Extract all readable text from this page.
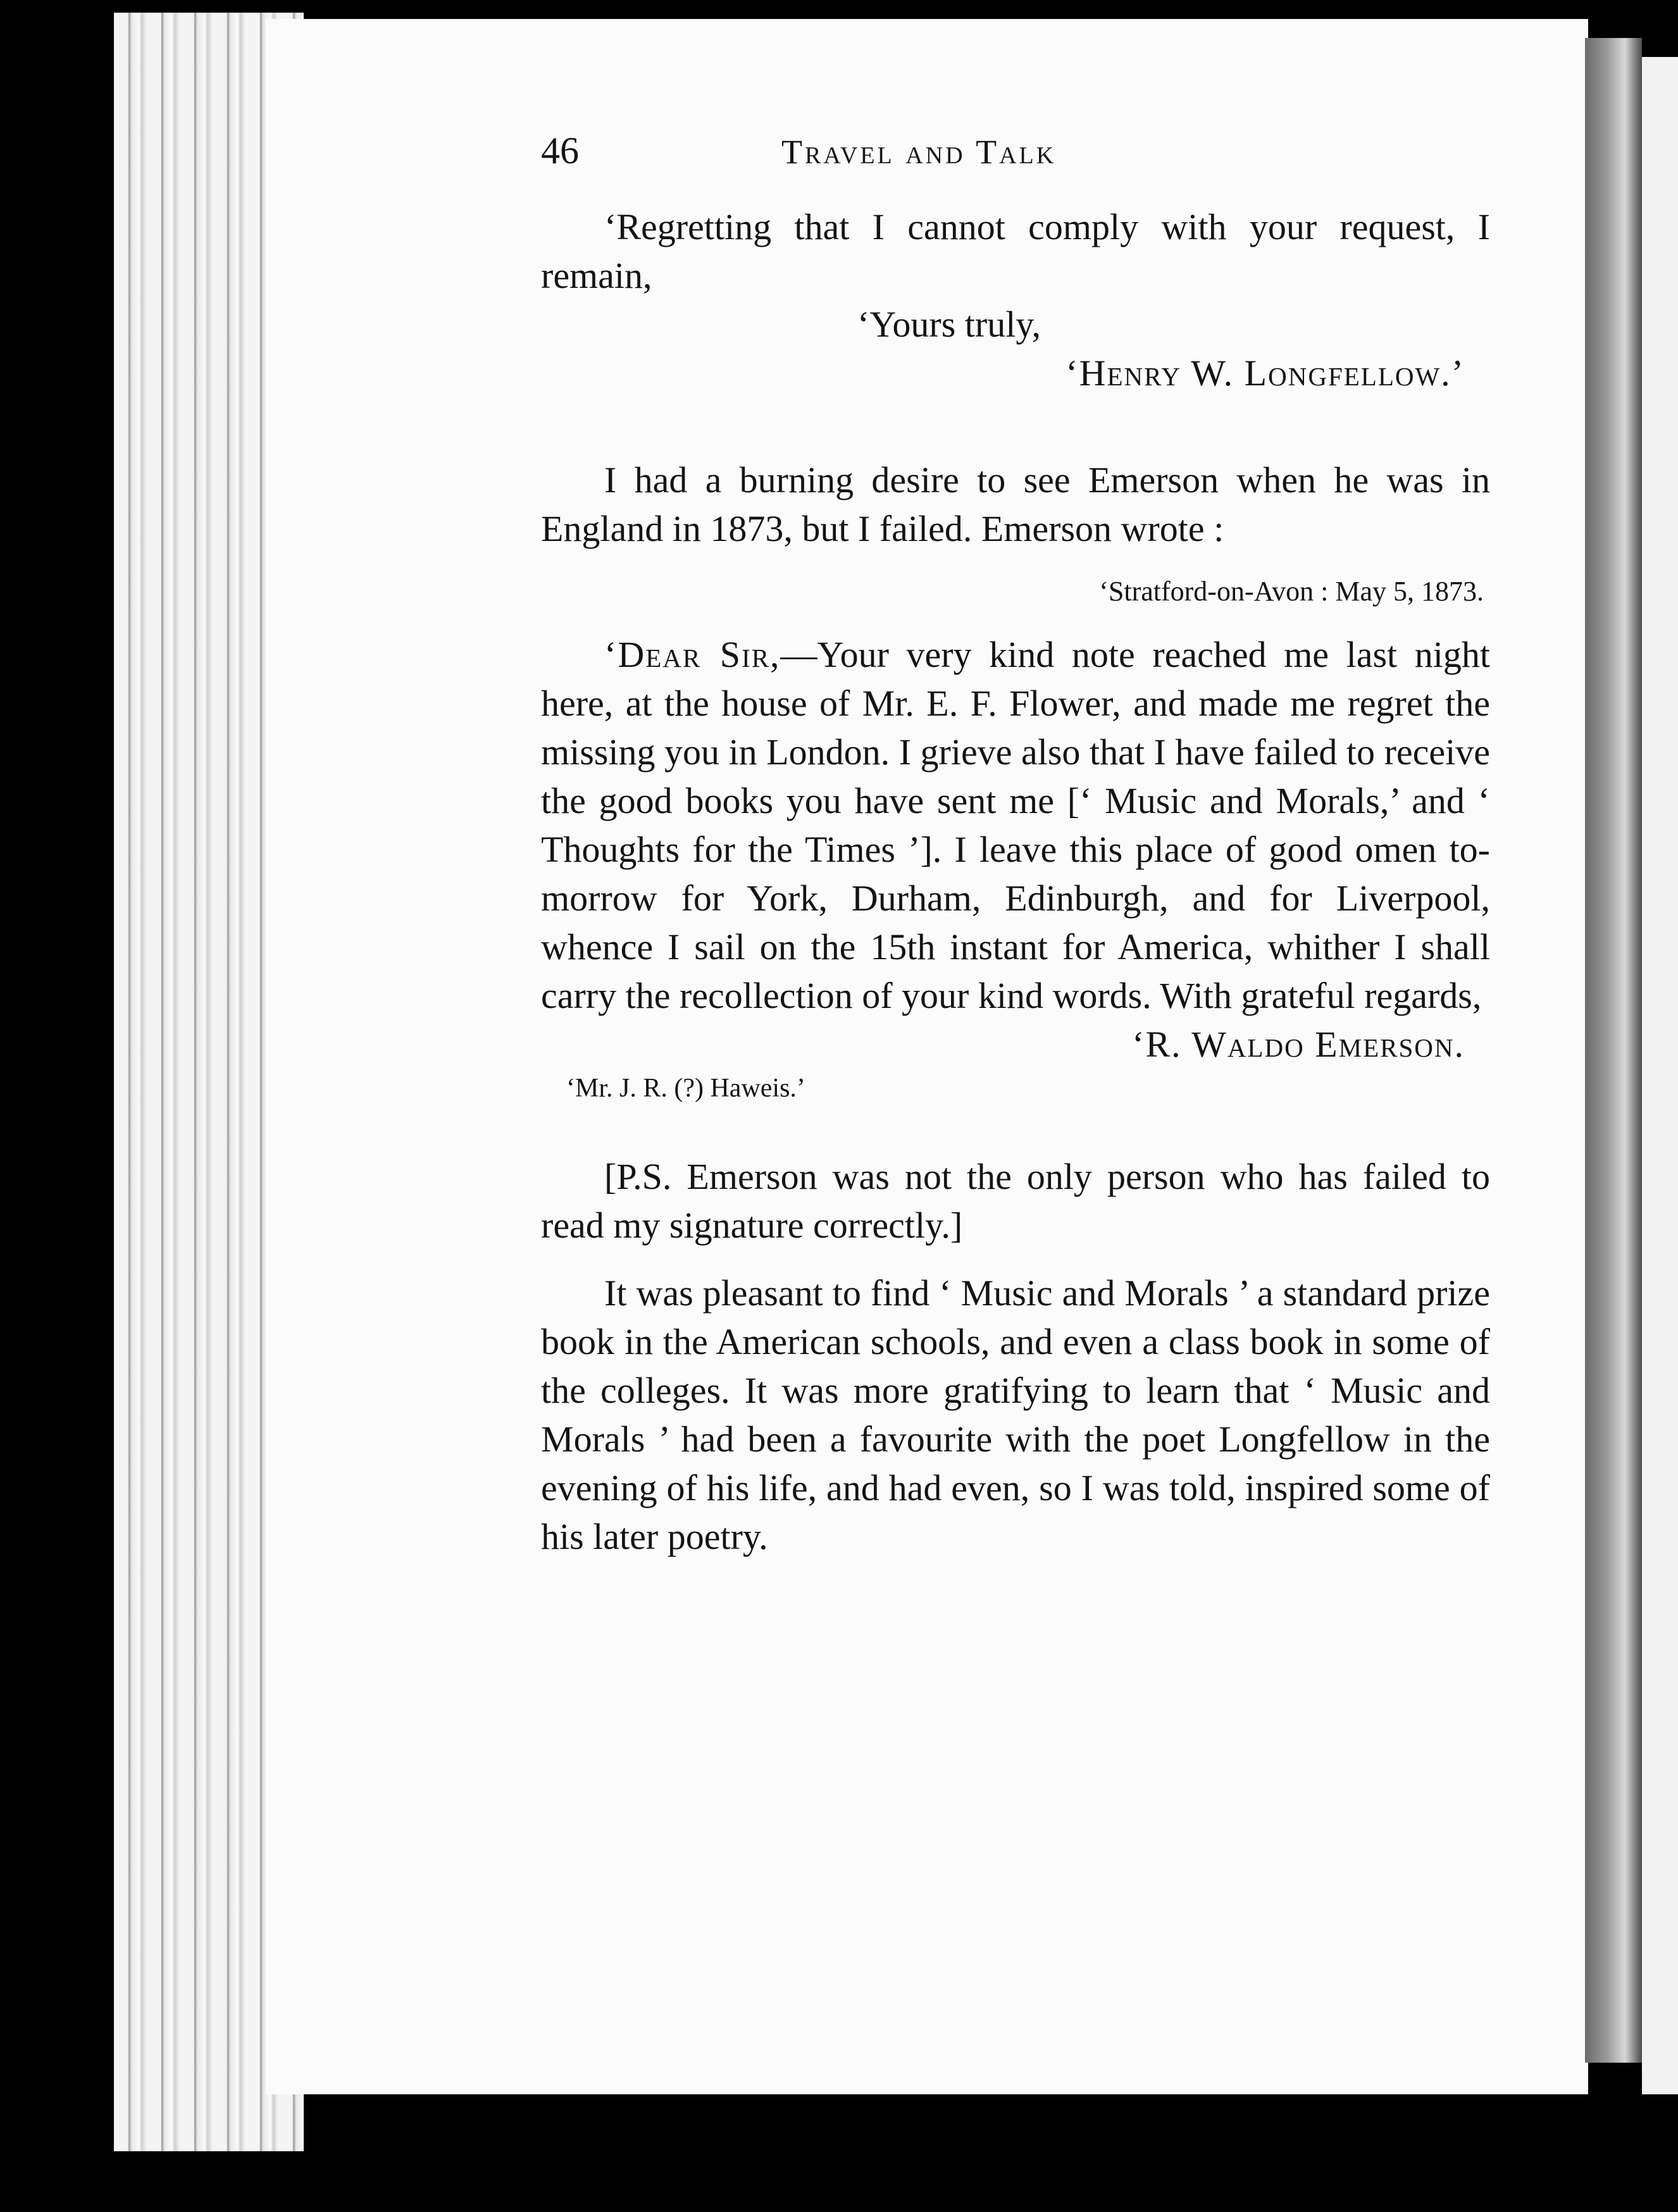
46	Travel and Talk

‘Regretting that I cannot comply with your request, I remain,

‘Yours truly,

‘Henry W. Longfellow.’

I had a burning desire to see Emerson when he was in England in 1873, but I failed. Emerson wrote :

‘Stratford-on-Avon : May 5, 1873.

‘Dear Sir,—Your very kind note reached me last night here, at the house of Mr. E. F. Flower, and made me regret the missing you in London. I grieve also that I have failed to receive the good books you have sent me [‘ Music and Morals,’ and ‘ Thoughts for the Times ’]. I leave this place of good omen to-morrow for York, Durham, Edinburgh, and for Liverpool, whence I sail on the 15th instant for America, whither I shall carry the recollection of your kind words. With grateful regards,

‘R. Waldo Emerson.

‘Mr. J. R. (?) Haweis.’

[P.S. Emerson was not the only person who has failed to read my signature correctly.]

It was pleasant to find ‘ Music and Morals ’ a standard prize book in the American schools, and even a class book in some of the colleges. It was more gratifying to learn that ‘ Music and Morals ’ had been a favourite with the poet Longfellow in the evening of his life, and had even, so I was told, inspired some of his later poetry.
